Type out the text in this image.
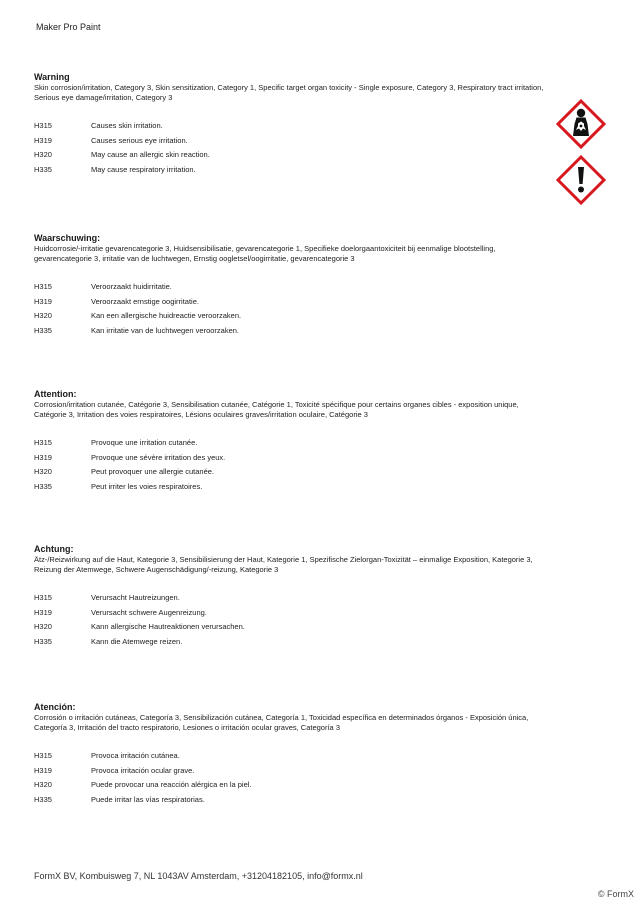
Maker Pro Paint
Warning

Skin corrosion/irritation, Category 3, Skin sensitization, Category 1, Specific target organ toxicity - Single exposure, Category 3, Respiratory tract irritation, Serious eye damage/irritation, Category 3

H315	Causes skin irritation.
H319	Causes serious eye irritation.
H320	May cause an allergic skin reaction.
H335	May cause respiratory irritation.
Waarschuwing:

Huidcorrosie/-irritatie gevarencategorie 3, Huidsensibilisatie, gevarencategorie 1, Specifieke doelorgaantoxiciteit bij eenmalige blootstelling, gevarencategorie 3, irritatie van de luchtwegen, Ernstig oogletsel/oogirritatie, gevarencategorie 3

H315	Veroorzaakt huidirritatie.
H319	Veroorzaakt ernstige oogirritatie.
H320	Kan een allergische huidreactie veroorzaken.
H335	Kan irritatie van de luchtwegen veroorzaken.
Attention:

Corrosion/irritation cutanée, Catégorie 3, Sensibilisation cutanée, Catégorie 1, Toxicité spécifique pour certains organes cibles - exposition unique, Catégorie 3, Irritation des voies respiratoires, Lésions oculaires graves/irritation oculaire, Catégorie 3

H315	Provoque une irritation cutanée.
H319	Provoque une sévère irritation des yeux.
H320	Peut provoquer une allergie cutanée.
H335	Peut irriter les voies respiratoires.
Achtung:

Ätz-/Reizwirkung auf die Haut, Kategorie 3, Sensibilisierung der Haut, Kategorie 1, Spezifische Zielorgan-Toxizität – einmalige Exposition, Kategorie 3, Reizung der Atemwege, Schwere Augenschädigung/-reizung, Kategorie 3

H315	Verursacht Hautreizungen.
H319	Verursacht schwere Augenreizung.
H320	Kann allergische Hautreaktionen verursachen.
H335	Kann die Atemwege reizen.
Atención:

Corrosión o irritación cutáneas, Categoría 3, Sensibilización cutánea, Categoría 1, Toxicidad específica en determinados órganos - Exposición única, Categoría 3, Irritación del tracto respiratorio, Lesiones o irritación ocular graves, Categoría 3

H315	Provoca irritación cutánea.
H319	Provoca irritación ocular grave.
H320	Puede provocar una reacción alérgica en la piel.
H335	Puede irritar las vías respiratorias.
FormX BV, Kombuisweg 7, NL 1043AV Amsterdam, +31204182105, info@formx.nl
© FormX
